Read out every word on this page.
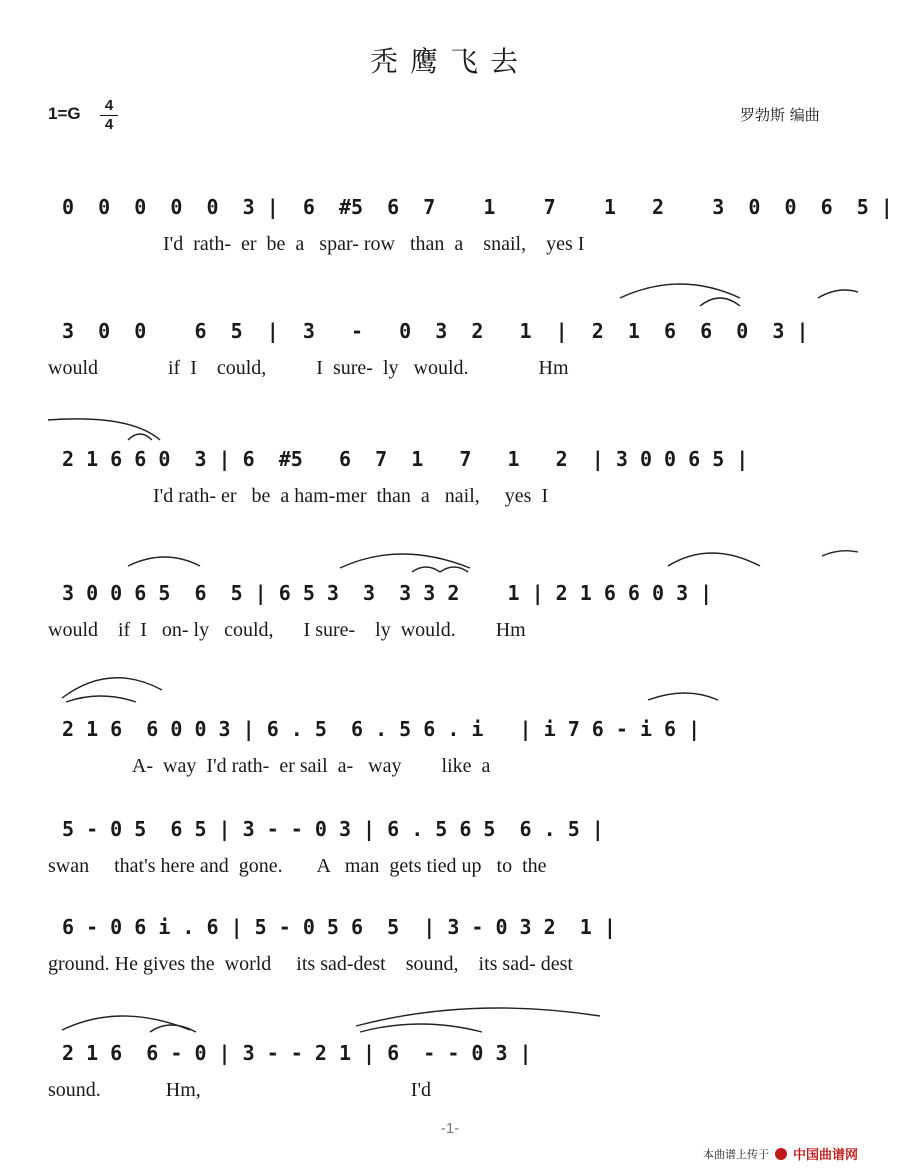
秃鹰飞去
1=G	4
4
罗勃斯 编曲
0  0  0  0  0  3 |  6  #5  6  7    1    7    1   2    3  0  0  6  5 |
I'd  rath-  er  be  a   spar- row   than  a    snail,    yes I
3  0  0    6  5  |  3   -   0  3  2   1  |  2  1  6  6  0  3 |
would              if  I    could,          I  sure-  ly   would.              Hm
2 1 6 6 0  3 | 6  #5   6  7  1   7   1   2  | 3 0 0 6 5 |
I'd rath- er   be  a ham-mer  than  a   nail,     yes  I
3 0 0 6 5  6  5 | 6 5 3  3  3 3 2    1 | 2 1 6 6 0 3 |
would    if  I   on- ly   could,      I sure-    ly  would.        Hm
2 1 6  6 0 0 3 | 6 . 5  6 . 5 6 . i   | i 7 6 - i 6 |
A-  way  I'd rath-  er sail  a-   way        like  a
5 - 0 5  6 5 | 3 - - 0 3 | 6 . 5 6 5  6 . 5 |
swan     that's here and  gone.       A   man  gets tied up   to  the
6 - 0 6 i . 6 | 5 - 0 5 6  5  | 3 - 0 3 2  1 |
ground. He gives the  world     its sad-dest    sound,    its sad- dest
2 1 6  6 - 0 | 3 - - 2 1 | 6  - - 0 3 |
sound.             Hm,                                          I'd
-1-
本曲谱上传于 中国曲谱网
